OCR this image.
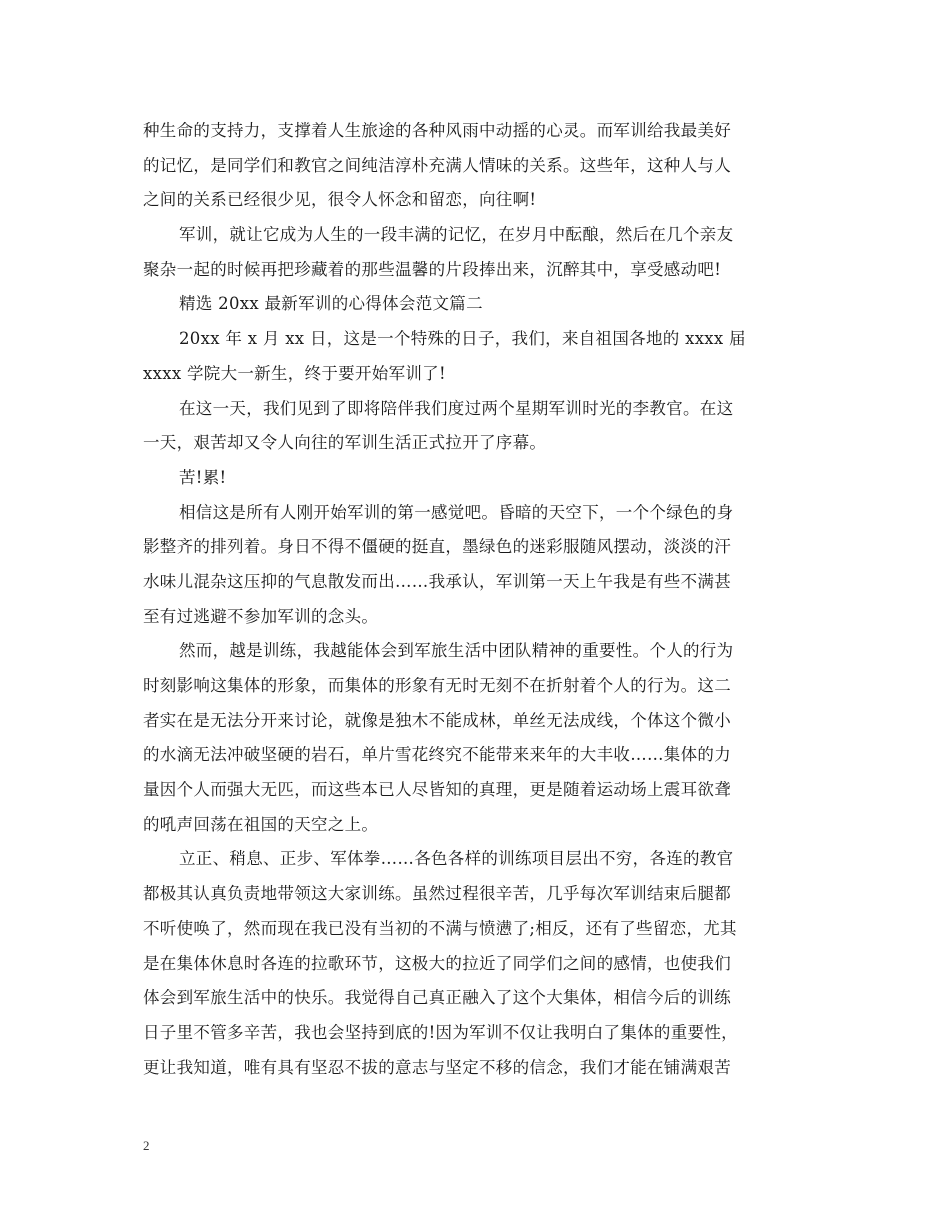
种生命的支持力，支撑着人生旅途的各种风雨中动摇的心灵。而军训给我最美好
的记忆，是同学们和教官之间纯洁淳朴充满人情味的关系。这些年，这种人与人
之间的关系已经很少见，很令人怀念和留恋，向往啊!
军训，就让它成为人生的一段丰满的记忆，在岁月中酝酿，然后在几个亲友
聚杂一起的时候再把珍藏着的那些温馨的片段捧出来，沉醉其中，享受感动吧!
精选 20xx 最新军训的心得体会范文篇二
20xx 年 x 月 xx 日，这是一个特殊的日子，我们，来自祖国各地的 xxxx 届
xxxx 学院大一新生，终于要开始军训了!
在这一天，我们见到了即将陪伴我们度过两个星期军训时光的李教官。在这
一天，艰苦却又令人向往的军训生活正式拉开了序幕。
苦!累!
相信这是所有人刚开始军训的第一感觉吧。昏暗的天空下，一个个绿色的身
影整齐的排列着。身日不得不僵硬的挺直，墨绿色的迷彩服随风摆动，淡淡的汗
水味儿混杂这压抑的气息散发而出……我承认，军训第一天上午我是有些不满甚
至有过逃避不参加军训的念头。
然而，越是训练，我越能体会到军旅生活中团队精神的重要性。个人的行为
时刻影响这集体的形象，而集体的形象有无时无刻不在折射着个人的行为。这二
者实在是无法分开来讨论，就像是独木不能成林，单丝无法成线，个体这个微小
的水滴无法冲破坚硬的岩石，单片雪花终究不能带来来年的大丰收……集体的力
量因个人而强大无匹，而这些本已人尽皆知的真理，更是随着运动场上震耳欲聋
的吼声回荡在祖国的天空之上。
立正、稍息、正步、军体拳……各色各样的训练项目层出不穷，各连的教官
都极其认真负责地带领这大家训练。虽然过程很辛苦，几乎每次军训结束后腿都
不听使唤了，然而现在我已没有当初的不满与愤懑了;相反，还有了些留恋，尤其
是在集体休息时各连的拉歌环节，这极大的拉近了同学们之间的感情，也使我们
体会到军旅生活中的快乐。我觉得自己真正融入了这个大集体，相信今后的训练
日子里不管多辛苦，我也会坚持到底的!因为军训不仅让我明白了集体的重要性，
更让我知道，唯有具有坚忍不拔的意志与坚定不移的信念，我们才能在铺满艰苦
2
